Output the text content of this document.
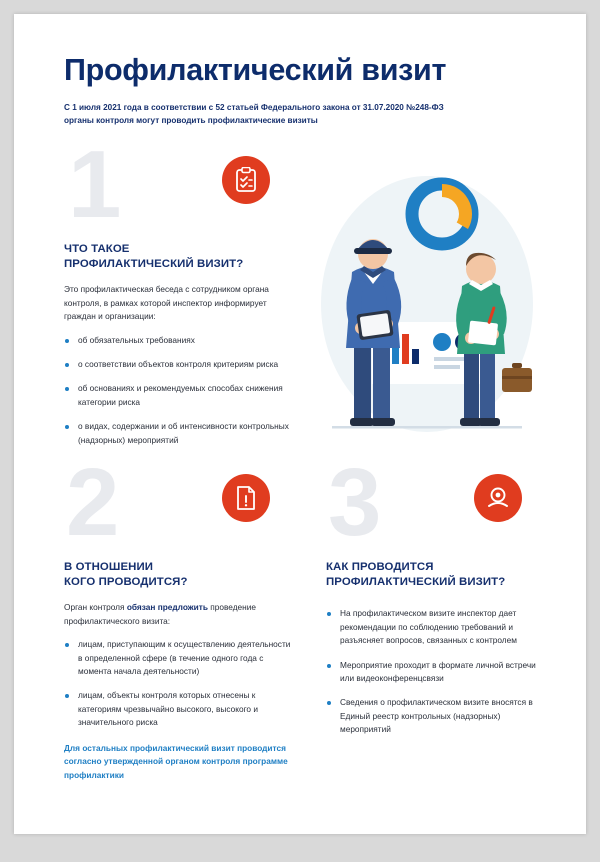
Профилактический визит

С 1 июля 2021 года в соответствии с 52 статьей Федерального закона от 31.07.2020 №248-ФЗ органы контроля могут проводить профилактические визиты

1
ЧТО ТАКОЕ
ПРОФИЛАКТИЧЕСКИЙ ВИЗИТ?
Это профилактическая беседа с сотрудником органа контроля, в рамках которой инспектор информирует граждан и организации:
об обязательных требованиях
о соответствии объектов контроля критериям риска
об основаниях и рекомендуемых способах снижения категории риска
о видах, содержании и об интенсивности контрольных (надзорных) мероприятий
2
В ОТНОШЕНИИ
КОГО ПРОВОДИТСЯ?
Орган контроля обязан предложить проведение профилактического визита:
лицам, приступающим к осуществлению деятельности в определенной сфере (в течение одного года с момента начала деятельности)
лицам, объекты контроля которых отнесены к категориям чрезвычайно высокого, высокого и значительного риска
Для остальных профилактический визит проводится согласно утвержденной органом контроля программе профилактики
3
КАК ПРОВОДИТСЯ
ПРОФИЛАКТИЧЕСКИЙ ВИЗИТ?
На профилактическом визите инспектор дает рекомендации по соблюдению требований и разъясняет вопросов, связанных с контролем
Мероприятие проходит в формате личной встречи или видеоконференцсвязи
Сведения о профилактическом визите вносятся в Единый реестр контрольных (надзорных) мероприятий
